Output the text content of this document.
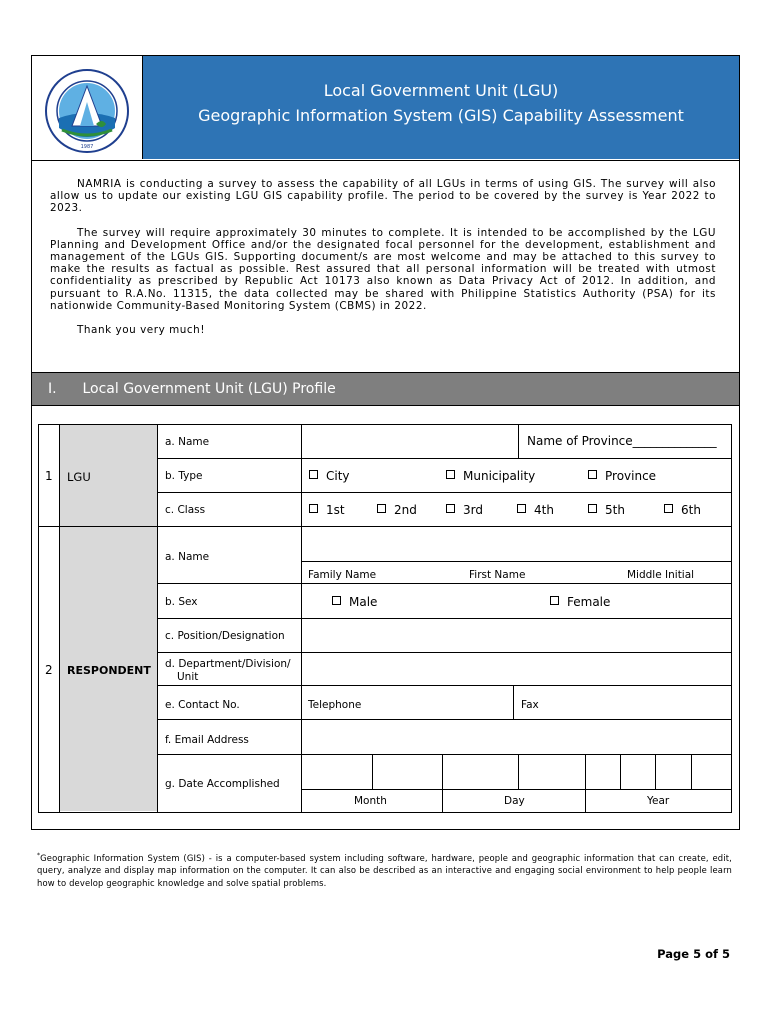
1987
Local Government Unit (LGU)
Geographic Information System (GIS) Capability Assessment

NAMRIA is conducting a survey to assess the capability of all LGUs in terms of using GIS. The survey will also allow us to update our existing LGU GIS capability profile. The period to be covered by the survey is Year 2022 to 2023.

The survey will require approximately 30 minutes to complete. It is intended to be accomplished by the LGU Planning and Development Office and/or the designated focal personnel for the development, establishment and management of the LGUs GIS. Supporting document/s are most welcome and may be attached to this survey to make the results as factual as possible. Rest assured that all personal information will be treated with utmost confidentiality as prescribed by Republic Act 10173 also known as Data Privacy Act of 2012. In addition, and pursuant to R.A.No. 11315, the data collected may be shared with Philippine Statistics Authority (PSA) for its nationwide Community-Based Monitoring System (CBMS) in 2022.

Thank you very much!

I. Local Government Unit (LGU) Profile
1 LGU
a. Name	Name of Province______________
b. Type	City	Municipality	Province
c. Class	1st	2nd	3rd	4th	5th	6th
2 RESPONDENT
a. Name
Family Name	First Name	Middle Initial
b. Sex	Male	Female
c. Position/Designation
d. Department/Division/
Unit
e. Contact No.	Telephone	Fax
f. Email Address
g. Date Accomplished
Month	Day	Year
*Geographic Information System (GIS) - is a computer-based system including software, hardware, people and geographic information that can create, edit, query, analyze and display map information on the computer. It can also be described as an interactive and engaging social environment to help people learn how to develop geographic knowledge and solve spatial problems.
Page 5 of 5
